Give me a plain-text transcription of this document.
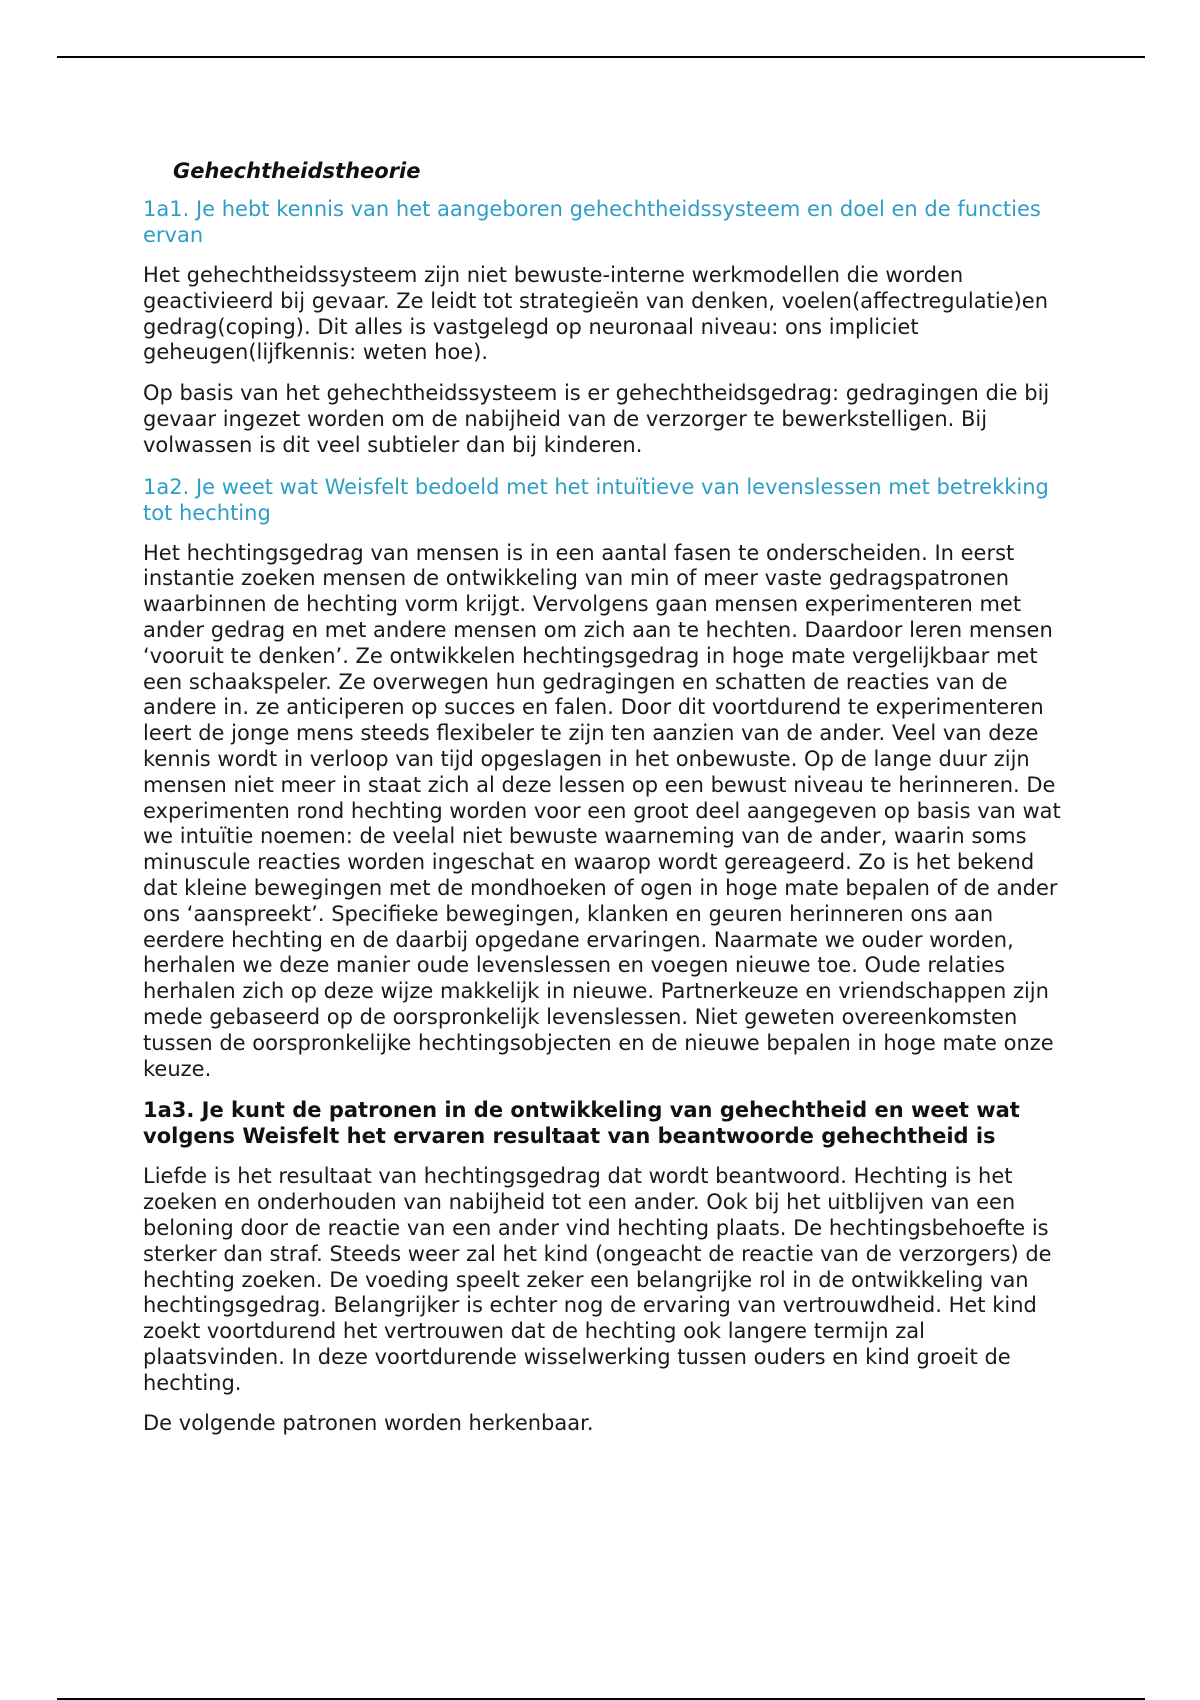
Gehechtheidstheorie
1a1. Je hebt kennis van het aangeboren gehechtheidssysteem en doel en de functies ervan

Het gehechtheidssysteem zijn niet bewuste-interne werkmodellen die worden geactivieerd bij gevaar. Ze leidt tot strategieën van denken, voelen(affectregulatie)en gedrag(coping). Dit alles is vastgelegd op neuronaal niveau: ons impliciet geheugen(lijfkennis: weten hoe).

Op basis van het gehechtheidssysteem is er gehechtheidsgedrag: gedragingen die bij gevaar ingezet worden om de nabijheid van de verzorger te bewerkstelligen. Bij volwassen is dit veel subtieler dan bij kinderen.

1a2. Je weet wat Weisfelt bedoeld met het intuïtieve van levenslessen met betrekking tot hechting

Het hechtingsgedrag van mensen is in een aantal fasen te onderscheiden. In eerst instantie zoeken mensen de ontwikkeling van min of meer vaste gedragspatronen waarbinnen de hechting vorm krijgt. Vervolgens gaan mensen experimenteren met ander gedrag en met andere mensen om zich aan te hechten. Daardoor leren mensen ‘vooruit te denken’. Ze ontwikkelen hechtingsgedrag in hoge mate vergelijkbaar met een schaakspeler. Ze overwegen hun gedragingen en schatten de reacties van de andere in. ze anticiperen op succes en falen. Door dit voortdurend te experimenteren leert de jonge mens steeds flexibeler te zijn ten aanzien van de ander. Veel van deze kennis wordt in verloop van tijd opgeslagen in het onbewuste. Op de lange duur zijn mensen niet meer in staat zich al deze lessen op een bewust niveau te herinneren. De experimenten rond hechting worden voor een groot deel aangegeven op basis van wat we intuïtie noemen: de veelal niet bewuste waarneming van de ander, waarin soms minuscule reacties worden ingeschat en waarop wordt gereageerd. Zo is het bekend dat kleine bewegingen met de mondhoeken of ogen in hoge mate bepalen of de ander ons ‘aanspreekt’. Specifieke bewegingen, klanken en geuren herinneren ons aan eerdere hechting en de daarbij opgedane ervaringen. Naarmate we ouder worden, herhalen we deze manier oude levenslessen en voegen nieuwe toe. Oude relaties herhalen zich op deze wijze makkelijk in nieuwe. Partnerkeuze en vriendschappen zijn mede gebaseerd op de oorspronkelijk levenslessen. Niet geweten overeenkomsten tussen de oorspronkelijke hechtingsobjecten en de nieuwe bepalen in hoge mate onze keuze.

1a3. Je kunt de patronen in de ontwikkeling van gehechtheid en weet wat volgens Weisfelt het ervaren resultaat van beantwoorde gehechtheid is

Liefde is het resultaat van hechtingsgedrag dat wordt beantwoord. Hechting is het zoeken en onderhouden van nabijheid tot een ander. Ook bij het uitblijven van een beloning door de reactie van een ander vind hechting plaats. De hechtingsbehoefte is sterker dan straf. Steeds weer zal het kind (ongeacht de reactie van de verzorgers) de hechting zoeken. De voeding speelt zeker een belangrijke rol in de ontwikkeling van hechtingsgedrag. Belangrijker is echter nog de ervaring van vertrouwdheid. Het kind zoekt voortdurend het vertrouwen dat de hechting ook langere termijn zal plaatsvinden. In deze voortdurende wisselwerking tussen ouders en kind groeit de hechting.

De volgende patronen worden herkenbaar.
